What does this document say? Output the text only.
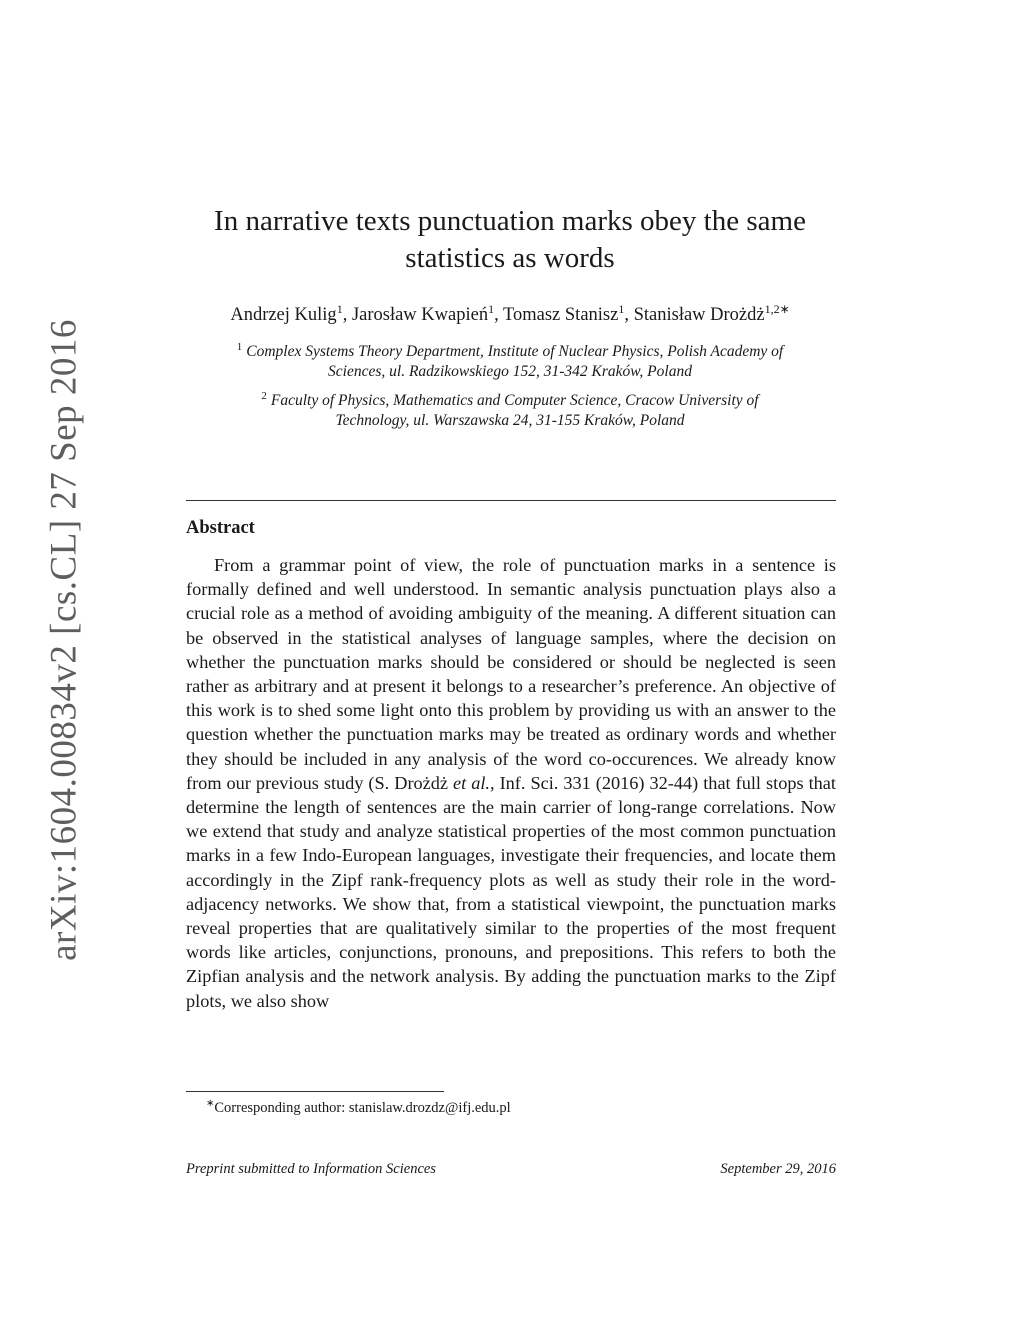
arXiv:1604.00834v2 [cs.CL] 27 Sep 2016
In narrative texts punctuation marks obey the same
statistics as words

Andrzej Kulig$^1$, Jarosław Kwapień$^1$, Tomasz Stanisz$^1$, Stanisław Drożdż$^{1,2∗}$

$^1$ Complex Systems Theory Department, Institute of Nuclear Physics, Polish Academy of
Sciences, ul. Radzikowskiego 152, 31-342 Kraków, Poland

$^2$ Faculty of Physics, Mathematics and Computer Science, Cracow University of
Technology, ul. Warszawska 24, 31-155 Kraków, Poland

Abstract

From a grammar point of view, the role of punctuation marks in a sentence is formally defined and well understood. In semantic analysis punctuation plays also a crucial role as a method of avoiding ambiguity of the meaning. A different situation can be observed in the statistical analyses of language samples, where the decision on whether the punctuation marks should be considered or should be neglected is seen rather as arbitrary and at present it belongs to a researcher’s preference. An objective of this work is to shed some light onto this problem by providing us with an answer to the question whether the punctuation marks may be treated as ordinary words and whether they should be included in any analysis of the word co-occurences. We already know from our previous study (S. Drożdż et al., Inf. Sci. 331 (2016) 32-44) that full stops that determine the length of sentences are the main carrier of long-range correlations. Now we extend that study and analyze statistical properties of the most common punctuation marks in a few Indo-European languages, investigate their frequencies, and locate them accordingly in the Zipf rank-frequency plots as well as study their role in the word-adjacency networks. We show that, from a statistical viewpoint, the punctuation marks reveal properties that are qualitatively similar to the properties of the most frequent words like articles, conjunctions, pronouns, and prepositions. This refers to both the Zipfian analysis and the network analysis. By adding the punctuation marks to the Zipf plots, we also show

∗Corresponding author: stanislaw.drozdz@ifj.edu.pl

Preprint submitted to Information Sciences	September 29, 2016
